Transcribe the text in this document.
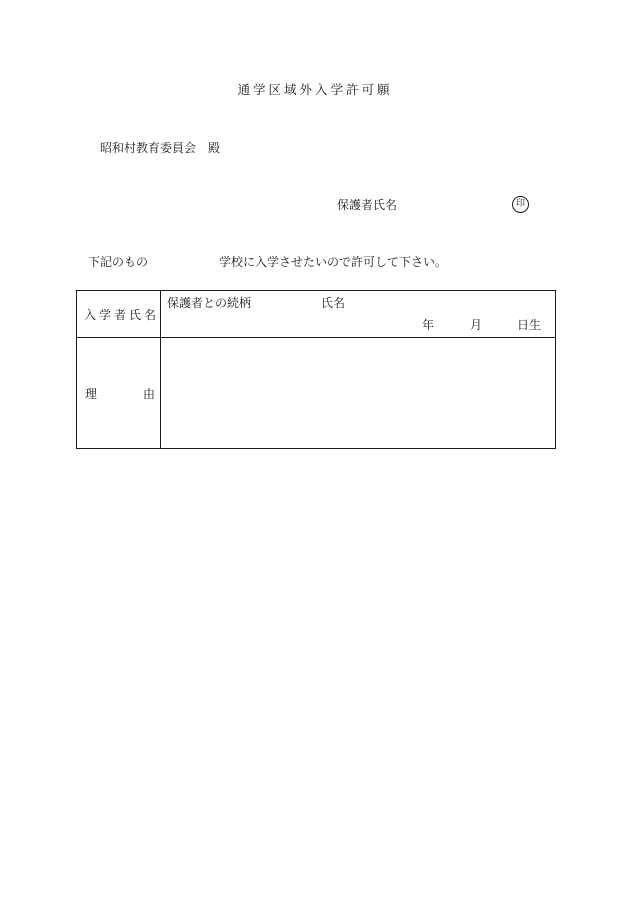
通学区域外入学許可願
昭和村教育委員会　殿
保護者氏名	印
下記のもの	学校に入学させたいので許可して下さい。
入学者氏名
保護者との続柄	氏名
年	月	日生
理	由
